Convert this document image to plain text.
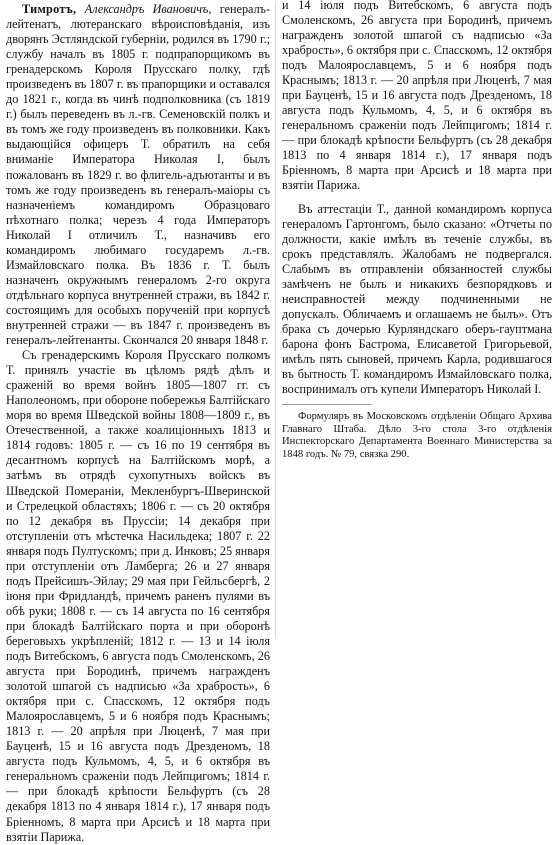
Тимротъ, Александръ Ивановичъ, генералъ-лейтенатъ, лютеранскаго вѣроисповѣданія, изъ дворянъ Эстляндской губерніи, родился въ 1790 г.; службу началъ въ 1805 г. подпрапорщикомъ въ гренадерскомъ Короля Прусскаго полку, гдѣ произведенъ въ 1807 г. въ прапорщики и оставался до 1821 г., когда въ чинѣ подполковника (съ 1819 г.) былъ переведенъ въ л.-гв. Семеновскій полкъ и въ томъ же году произведенъ въ полковники. Какъ выдающійся офицеръ Т. обратилъ на себя вниманіе Императора Николая I, былъ пожалованъ въ 1829 г. во флигель-адъютанты и въ томъ же году произведенъ въ генералъ-маіоры съ назначеніемъ командиромъ Образцоваго пѣхотнаго полка; черезъ 4 года Императоръ Николай I отличилъ Т., назначивъ его командиромъ любимаго государемъ л.-гв. Измайловскаго полка. Въ 1836 г. Т. былъ назначенъ окружнымъ генераломъ 2-го округа отдѣльнаго корпуса внутренней стражи, въ 1842 г. состоящимъ для особыхъ порученій при корпусѣ внутренней стражи — въ 1847 г. произведенъ въ генералъ-лейтенанты. Скончался 20 января 1848 г.

Съ гренадерскимъ Короля Прусскаго полкомъ Т. принялъ участіе въ цѣломъ рядѣ дѣлъ и сраженій во время войнъ 1805—1807 гг. съ Наполеономъ, при обороне побережья Балтійскаго моря во время Шведской войны 1808—1809 г., въ Отечественной, а также коалиціонныхъ 1813 и 1814 годовъ: 1805 г. — съ 16 по 19 сентября въ десантномъ корпусѣ на Балтійскомъ морѣ, а затѣмъ въ отрядѣ сухопутныхъ войскъ въ Шведской Помераніи, Мекленбургъ-Шверинской и Стрелецкой областяхъ; 1806 г. — съ 20 октября по 12 декабря въ Пруссіи; 14 декабря при отступленіи отъ мѣстечка Насильдека; 1807 г. 22 января подъ Пултускомъ; при д. Инковъ; 25 января при отступленіи отъ Ламберга; 26 и 27 января подъ Прейсишъ-Эйлау; 29 мая при Гейльсбергѣ, 2 іюня при Фридландѣ, причемъ раненъ пулями въ обѣ руки; 1808 г. — съ 14 августа по 16 сентября при блокадѣ Балтійскаго порта и при оборонѣ береговыхъ укрѣпленій; 1812 г. — 13 и 14 іюля подъ Витебскомъ, 6 августа подъ Смоленскомъ, 26 августа при Бородинѣ, причемъ награжденъ золотой шпагой съ надписью «За храбрость», 6 октября при с. Спасскомъ, 12 октября подъ Малоярославцемъ, 5 и 6 ноября подъ Краснымъ; 1813 г. — 20 апрѣля при Люценѣ, 7 мая при Бауценѣ, 15 и 16 августа подъ Дрезденомъ, 18 августа подъ Кульмомъ, 4, 5, и 6 октября въ генеральномъ сраженіи подъ Лейпцигомъ; 1814 г. — при блокадѣ крѣпости Бельфуртъ (съ 28 декабря 1813 по 4 января 1814 г.), 17 января подъ Бріенномъ, 8 марта при Арсисѣ и 18 марта при взятіи Парижа.

и 14 іюля подъ Витебскомъ, 6 августа подъ Смоленскомъ, 26 августа при Бородинѣ, причемъ награжденъ золотой шпагой съ надписью «За храбрость», 6 октября при с. Спасскомъ, 12 октября подъ Малоярославцемъ, 5 и 6 ноября подъ Краснымъ; 1813 г. — 20 апрѣля при Люценѣ, 7 мая при Бауценѣ, 15 и 16 августа подъ Дрезденомъ, 18 августа подъ Кульмомъ, 4, 5, и 6 октября въ генеральномъ сраженіи подъ Лейпцигомъ; 1814 г. — при блокадѣ крѣпости Бельфуртъ (съ 28 декабря 1813 по 4 января 1814 г.), 17 января подъ Бріенномъ, 8 марта при Арсисѣ и 18 марта при взятіи Парижа.

Въ аттестаціи Т., данной командиромъ корпуса генераломъ Гартонгомъ, было сказано: «Отчеты по должности, какіе имѣлъ въ теченіе службы, въ срокъ представлялъ. Жалобамъ не подвергался. Слабымъ въ отправленіи обязанностей службы замѣченъ не былъ и никакихъ безпорядковъ и неисправностей между подчиненными не допускалъ. Обличаемъ и оглашаемъ не былъ». Отъ брака съ дочерью Курляндскаго оберъ-гауптмана барона фонъ Бастрома, Елисаветой Григорьевой, имѣлъ пять сыновей, причемъ Карла, родившагося въ бытность Т. командиромъ Измайловскаго полка, воспринималъ отъ купели Императоръ Николай I.

Формуляръ въ Московскомъ отдѣленіи Общаго Архива Главнаго Штаба. Дѣло 3-го стола 3-го отдѣленія Инспекторскаго Департамента Военнаго Министерства за 1848 годъ. № 79, связка 290.
